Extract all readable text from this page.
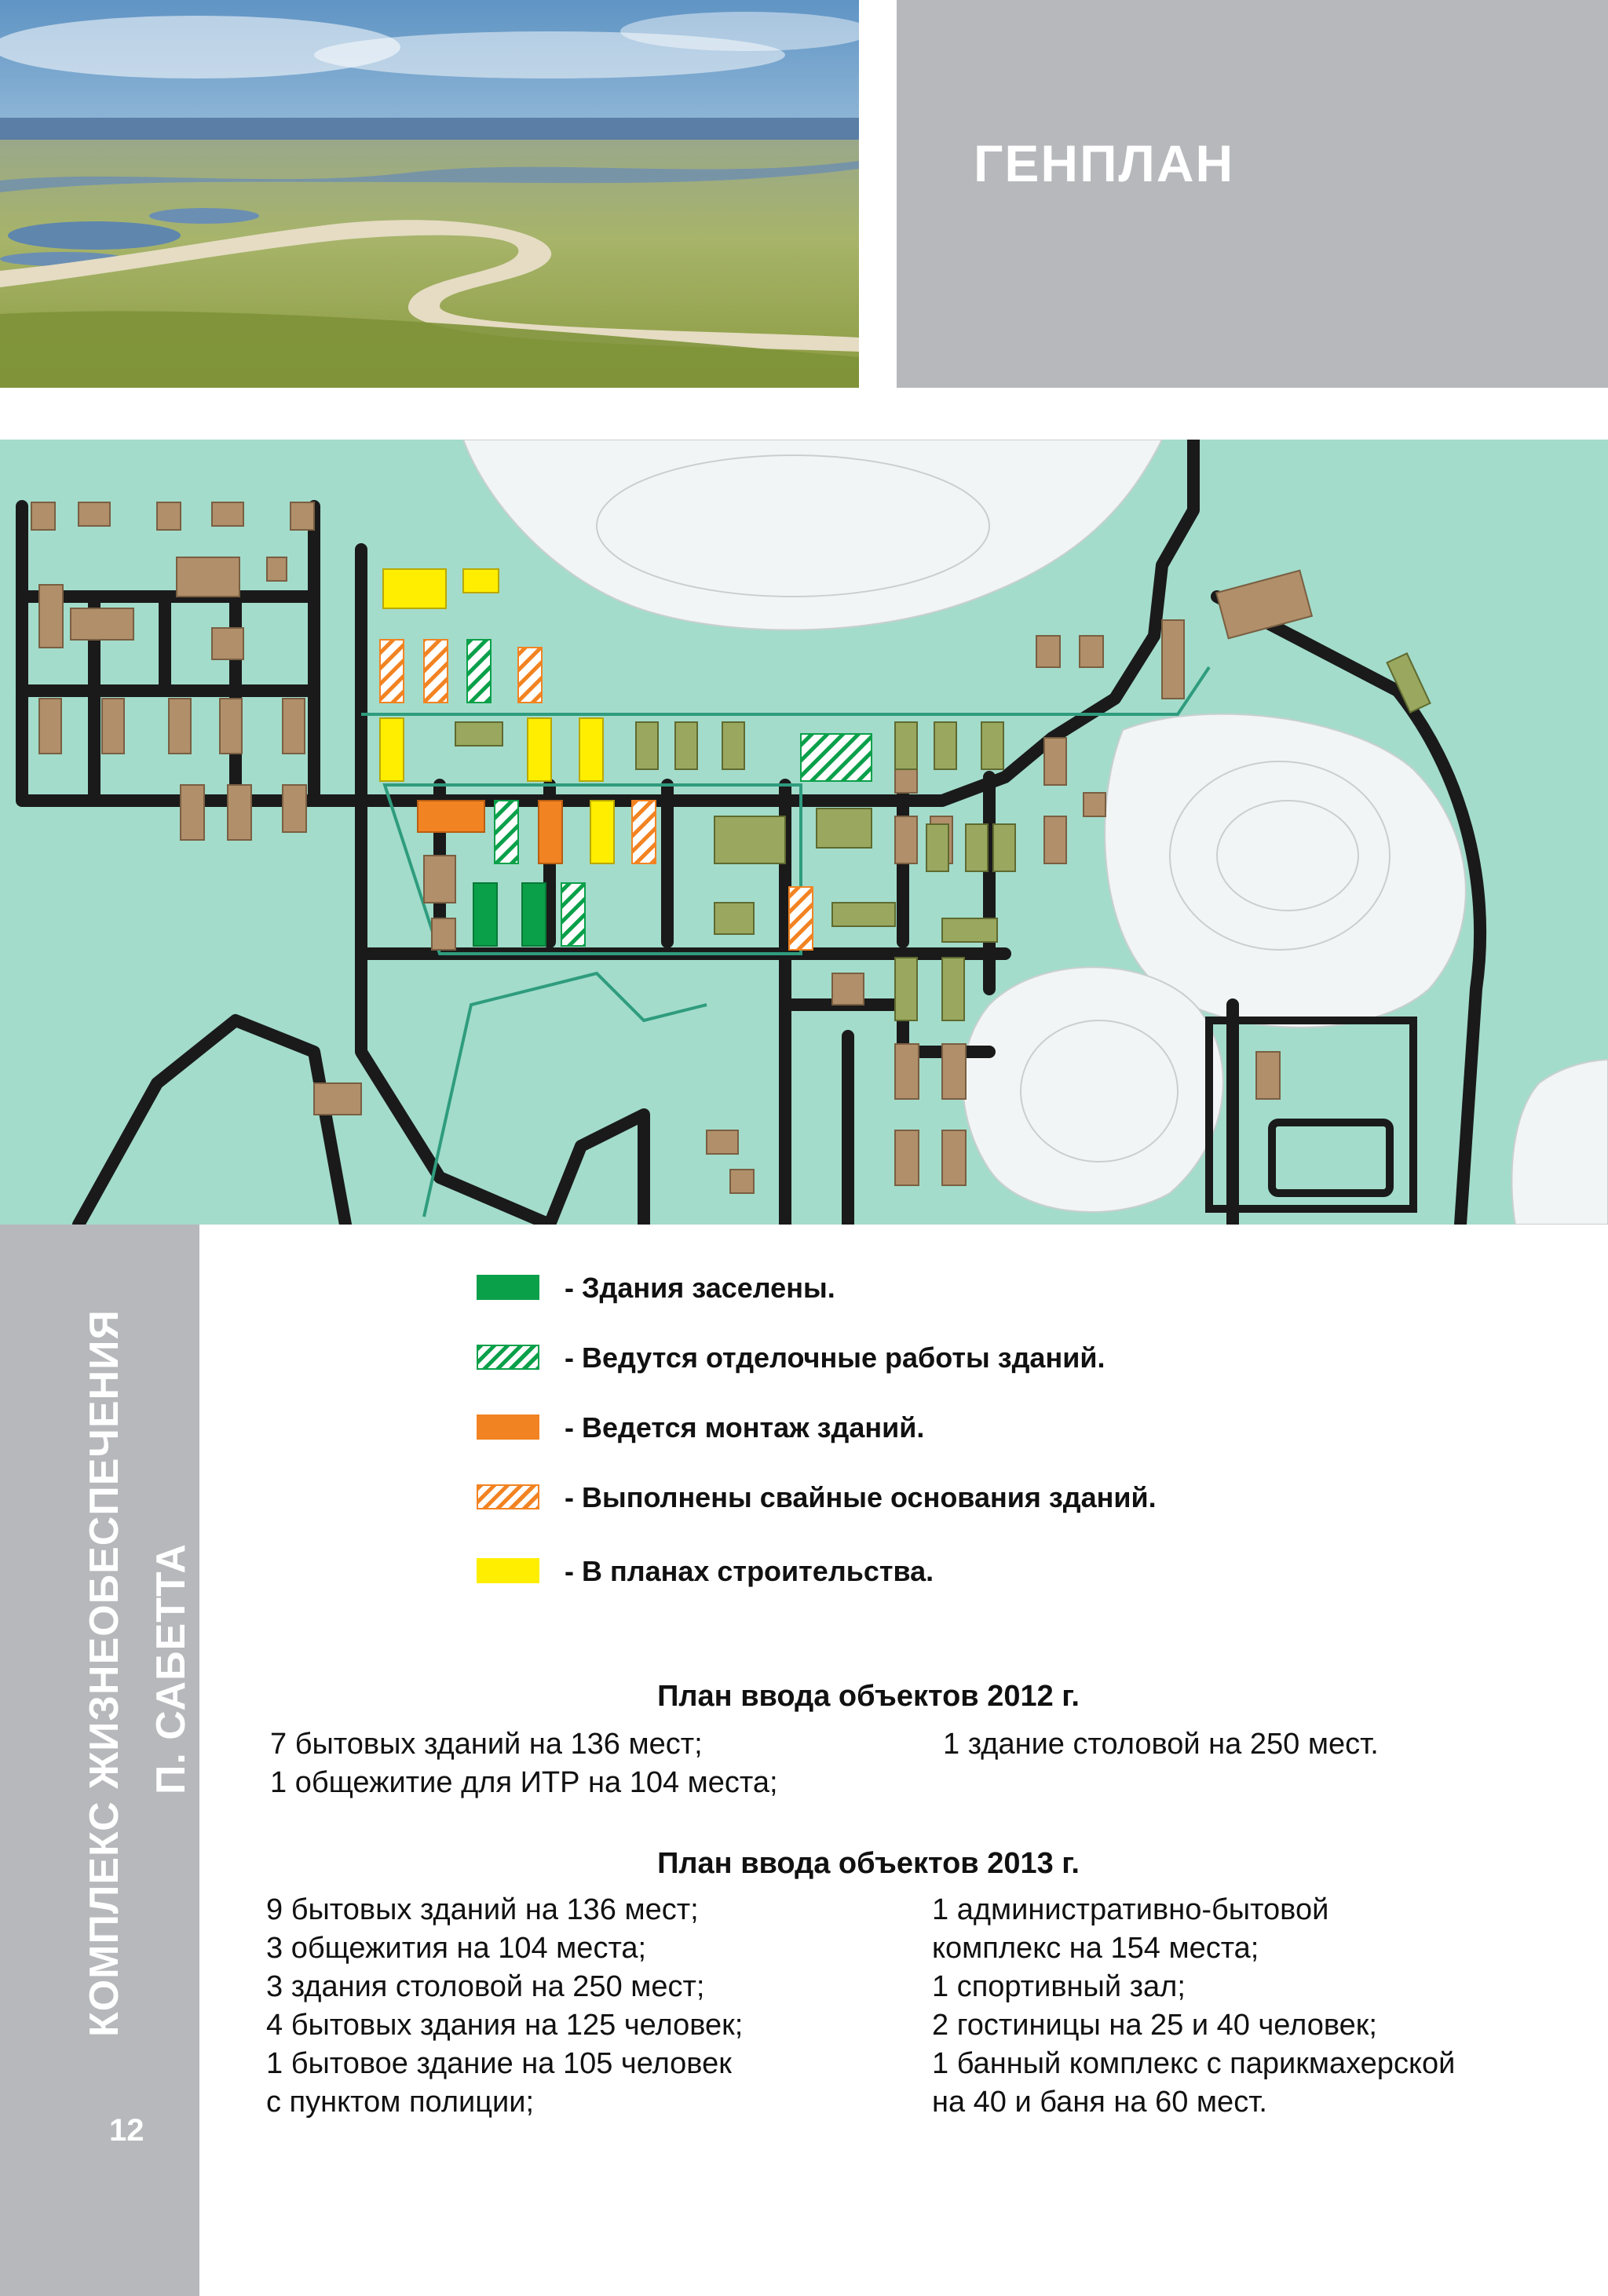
ГЕНПЛАН
КОМПЛЕКС ЖИЗНЕОБЕСПЕЧЕНИЯ П. САБЕТТА
12
- Здания заселены.
- Ведутся отделочные работы зданий.
- Ведется монтаж зданий.
- Выполнены свайные основания зданий.
- В планах строительства.
План ввода объектов 2012 г.
7 бытовых зданий на 136 мест;
1 общежитие для ИТР на 104 места;
1 здание столовой на 250 мест.
План ввода объектов 2013 г.
9 бытовых зданий на 136 мест;
3 общежития на 104 места;
3 здания столовой на 250 мест;
4 бытовых здания на 125 человек;
1 бытовое здание на 105 человек
с пунктом полиции;
1 административно-бытовой
комплекс на 154 места;
1 спортивный зал;
2 гостиницы на 25 и 40 человек;
1 банный комплекс с парикмахерской
на 40 и баня на 60 мест.
